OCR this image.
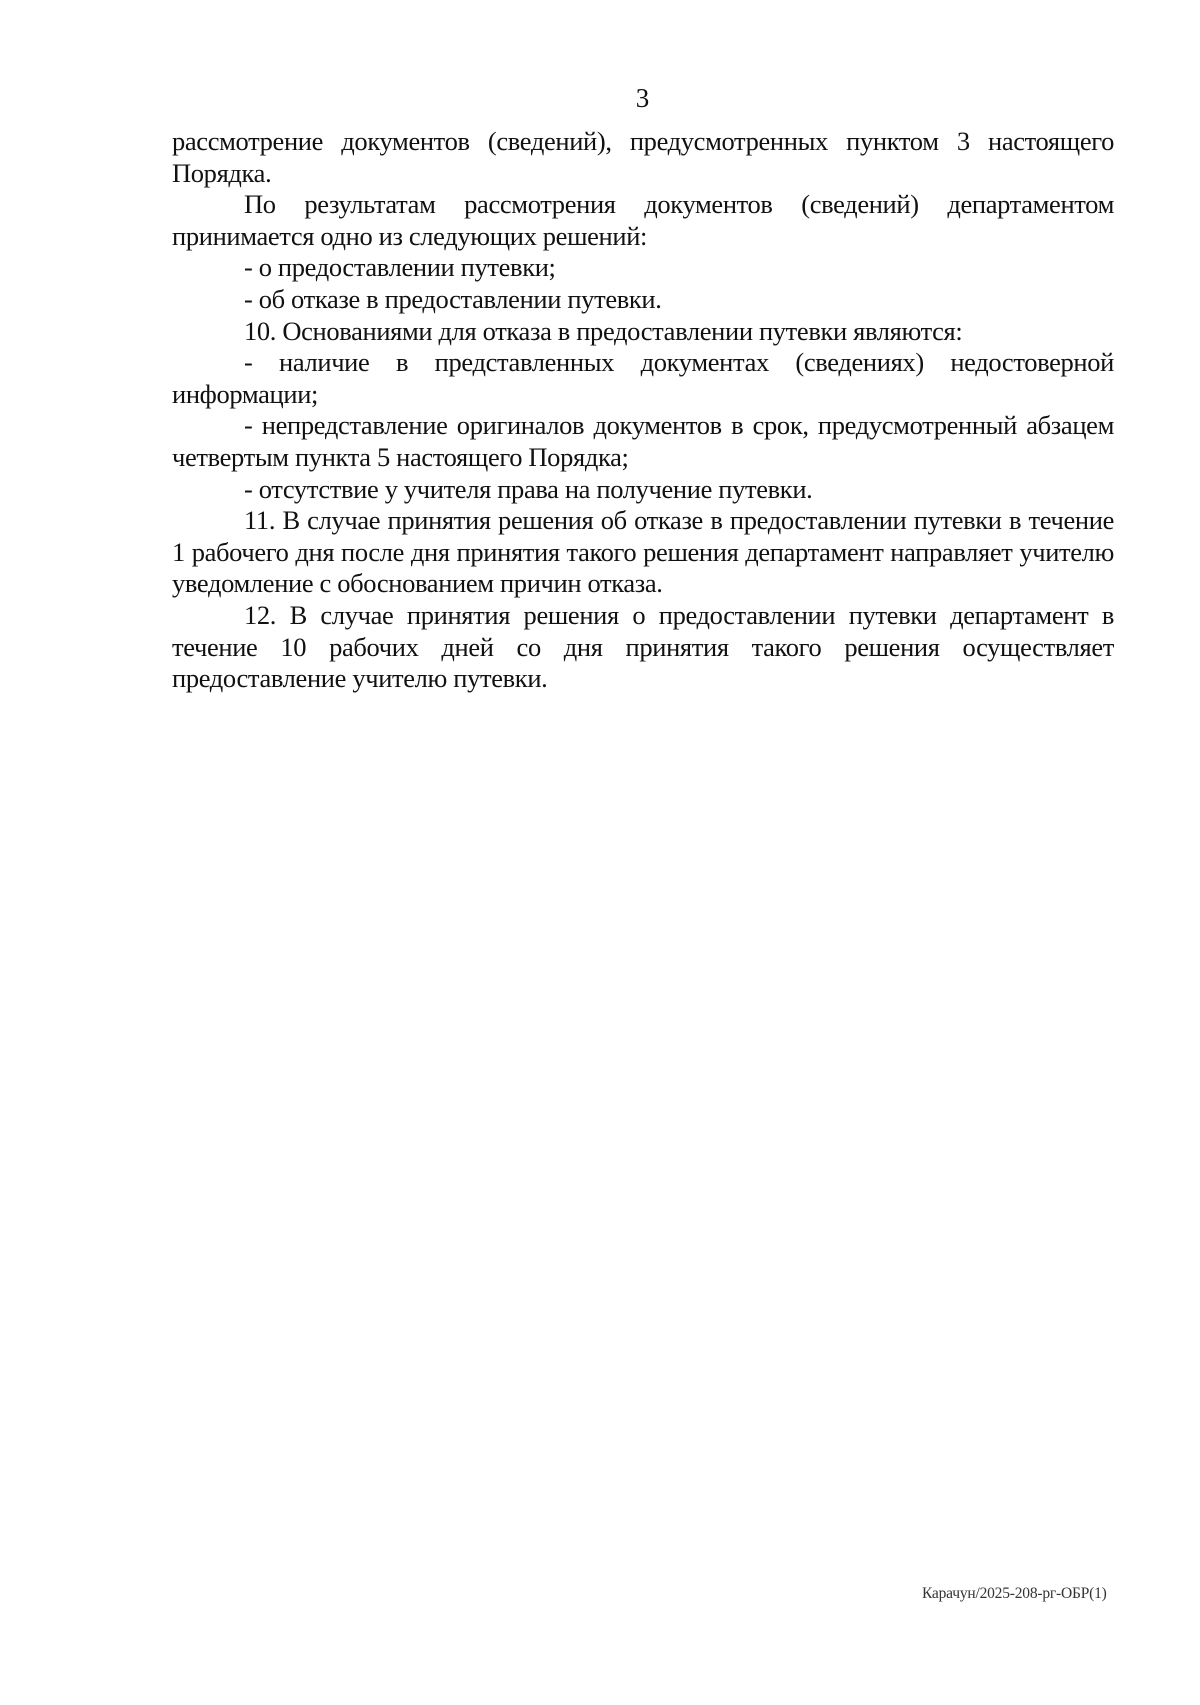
3

рассмотрение документов (сведений), предусмотренных пунктом 3 настоящего Порядка.

По результатам рассмотрения документов (сведений) департаментом принимается одно из следующих решений:

- о предоставлении путевки;

- об отказе в предоставлении путевки.

10. Основаниями для отказа в предоставлении путевки являются:

- наличие в представленных документах (сведениях) недостоверной информации;

- непредставление оригиналов документов в срок, предусмотренный абзацем четвертым пункта 5 настоящего Порядка;

- отсутствие у учителя права на получение путевки.

11. В случае принятия решения об отказе в предоставлении путевки в течение 1 рабочего дня после дня принятия такого решения департамент направляет учителю уведомление с обоснованием причин отказа.

12. В случае принятия решения о предоставлении путевки департамент в течение 10 рабочих дней со дня принятия такого решения осуществляет предоставление учителю путевки.

Карачун/2025-208-рг-ОБР(1)
